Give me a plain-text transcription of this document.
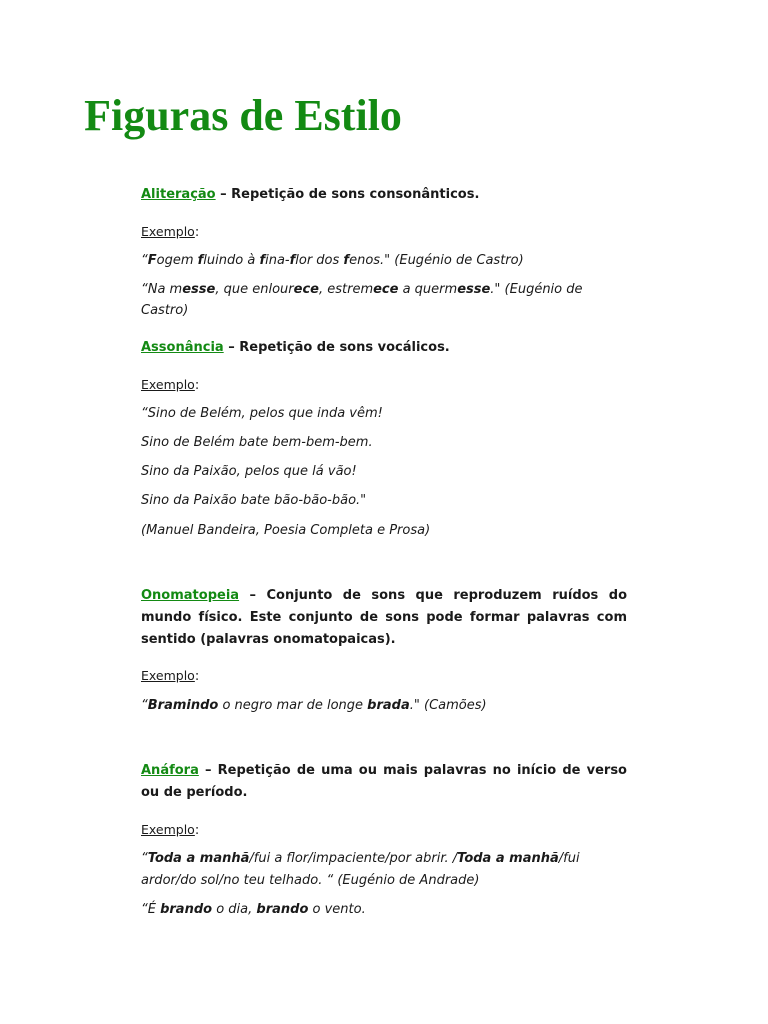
Figuras de Estilo
Aliteração – Repetição de sons consonânticos.
Exemplo:
“Fogem fluindo à fina-flor dos fenos." (Eugénio de Castro)
“Na messe, que enlourece, estremece a quermesse." (Eugénio de
Castro)
Assonância – Repetição de sons vocálicos.
Exemplo:
“Sino de Belém, pelos que inda vêm!
Sino de Belém bate bem-bem-bem.
Sino da Paixão, pelos que lá vão!
Sino da Paixão bate bão-bão-bão."
(Manuel Bandeira, Poesia Completa e Prosa)
Onomatopeia – Conjunto de sons que reproduzem ruídos do mundo físico. Este conjunto de sons pode formar palavras com sentido (palavras onomatopaicas).
Exemplo:
“Bramindo o negro mar de longe brada." (Camões)
Anáfora – Repetição de uma ou mais palavras no início de verso ou de período.
Exemplo:
“Toda a manhã/fui a flor/impaciente/por abrir. /Toda a manhã/fui
ardor/do sol/no teu telhado. “ (Eugénio de Andrade)
“É brando o dia, brando o vento.
